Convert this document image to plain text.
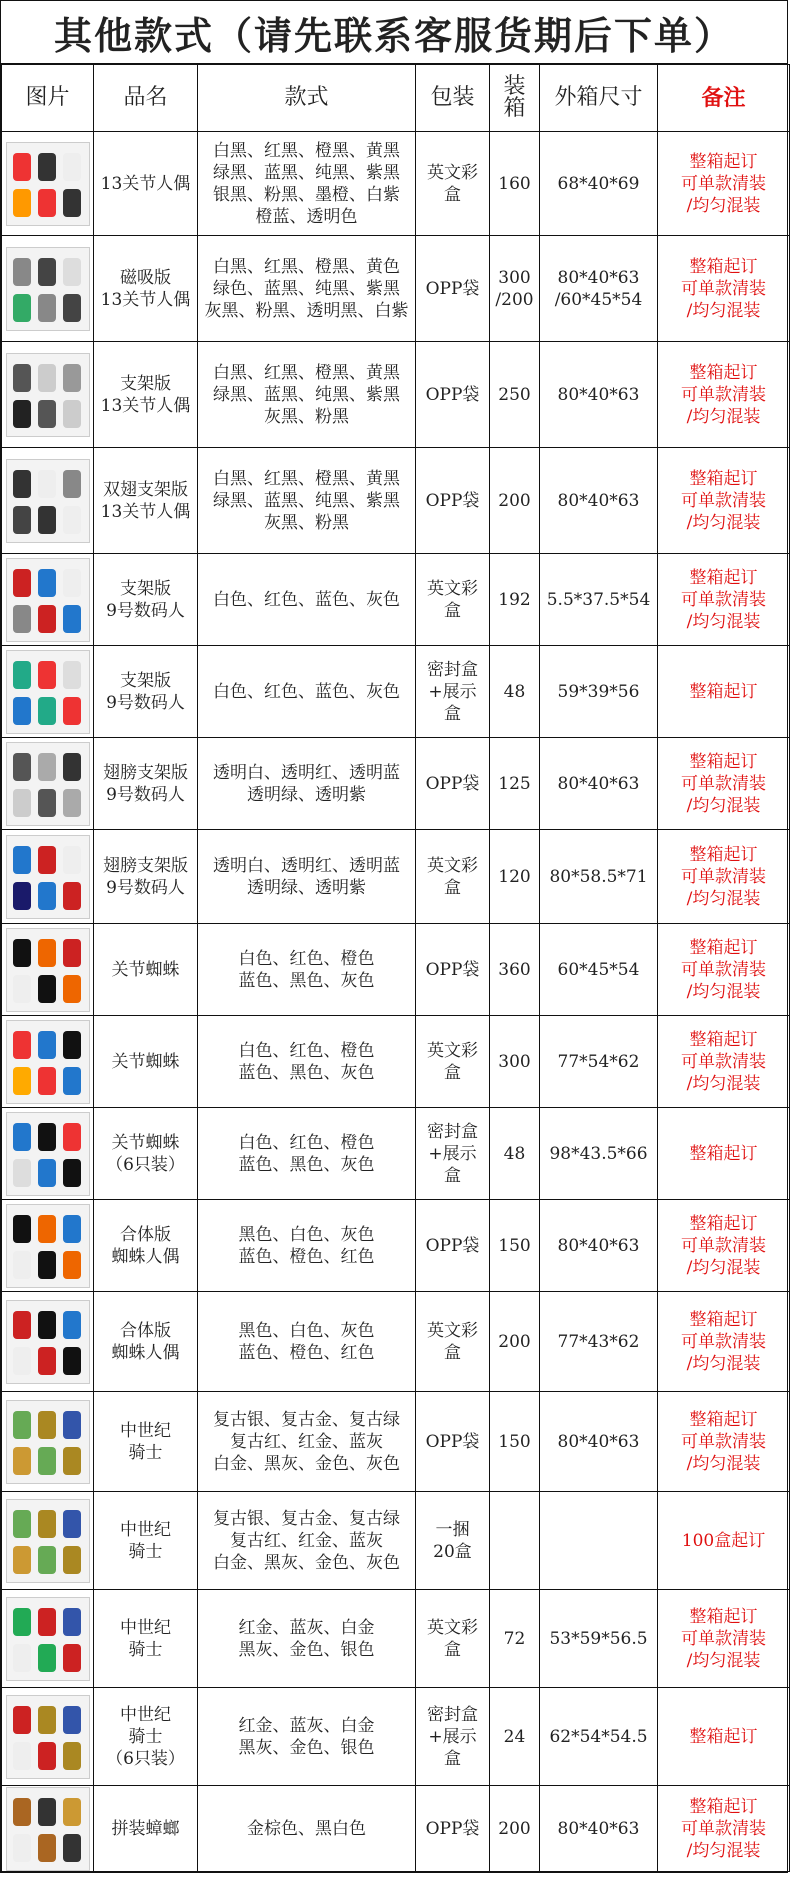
其他款式（请先联系客服货期后下单）
图片	品名	款式	包装	装箱	外箱尺寸	备注

	13关节人偶	白黑、红黑、橙黑、黄黑
绿黑、蓝黑、纯黑、紫黑
银黑、粉黑、墨橙、白紫
橙蓝、透明色	英文彩盒	160	68*40*69	整箱起订
可单款清装
/均匀混装

	磁吸版
13关节人偶	白黑、红黑、橙黑、黄色
绿色、蓝黑、纯黑、紫黑
灰黑、粉黑、透明黑、白紫	OPP袋	300
/200	80*40*63
/60*45*54	整箱起订
可单款清装
/均匀混装

	支架版
13关节人偶	白黑、红黑、橙黑、黄黑
绿黑、蓝黑、纯黑、紫黑
灰黑、粉黑	OPP袋	250	80*40*63	整箱起订
可单款清装
/均匀混装

	双翅支架版
13关节人偶	白黑、红黑、橙黑、黄黑
绿黑、蓝黑、纯黑、紫黑
灰黑、粉黑	OPP袋	200	80*40*63	整箱起订
可单款清装
/均匀混装

	支架版
9号数码人	白色、红色、蓝色、灰色	英文彩盒	192	5.5*37.5*54	整箱起订
可单款清装
/均匀混装

	支架版
9号数码人	白色、红色、蓝色、灰色	密封盒
+展示盒	48	59*39*56	整箱起订

	翅膀支架版
9号数码人	透明白、透明红、透明蓝
透明绿、透明紫	OPP袋	125	80*40*63	整箱起订
可单款清装
/均匀混装

	翅膀支架版
9号数码人	透明白、透明红、透明蓝
透明绿、透明紫	英文彩盒	120	80*58.5*71	整箱起订
可单款清装
/均匀混装

	关节蜘蛛	白色、红色、橙色
蓝色、黑色、灰色	OPP袋	360	60*45*54	整箱起订
可单款清装
/均匀混装

	关节蜘蛛	白色、红色、橙色
蓝色、黑色、灰色	英文彩盒	300	77*54*62	整箱起订
可单款清装
/均匀混装

	关节蜘蛛
（6只装）	白色、红色、橙色
蓝色、黑色、灰色	密封盒
+展示盒	48	98*43.5*66	整箱起订

	合体版
蜘蛛人偶	黑色、白色、灰色
蓝色、橙色、红色	OPP袋	150	80*40*63	整箱起订
可单款清装
/均匀混装

	合体版
蜘蛛人偶	黑色、白色、灰色
蓝色、橙色、红色	英文彩盒	200	77*43*62	整箱起订
可单款清装
/均匀混装

	中世纪
骑士	复古银、复古金、复古绿
复古红、红金、蓝灰
白金、黑灰、金色、灰色	OPP袋	150	80*40*63	整箱起订
可单款清装
/均匀混装

	中世纪
骑士	复古银、复古金、复古绿
复古红、红金、蓝灰
白金、黑灰、金色、灰色	一捆
20盒			100盒起订

	中世纪
骑士	红金、蓝灰、白金
黑灰、金色、银色	英文彩盒	72	53*59*56.5	整箱起订
可单款清装
/均匀混装

	中世纪
骑士
（6只装）	红金、蓝灰、白金
黑灰、金色、银色	密封盒
+展示盒	24	62*54*54.5	整箱起订

	拼装蟑螂	金棕色、黑白色	OPP袋	200	80*40*63	整箱起订
可单款清装
/均匀混装
